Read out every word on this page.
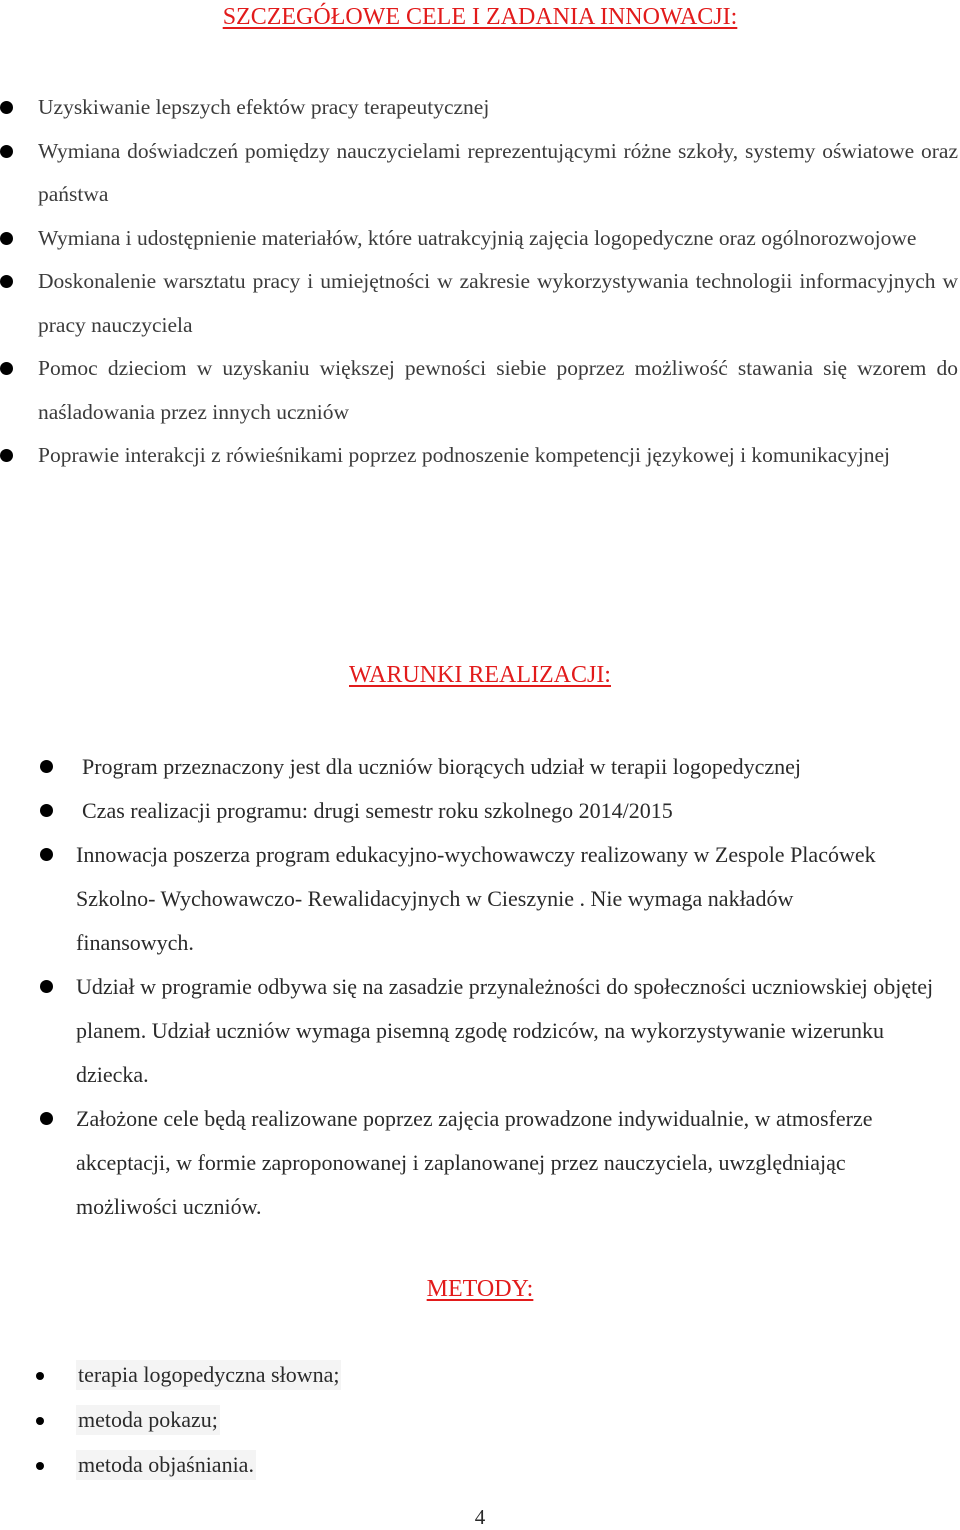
SZCZEGÓŁOWE CELE I ZADANIA INNOWACJI:
Uzyskiwanie lepszych efektów pracy terapeutycznej
Wymiana doświadczeń pomiędzy nauczycielami reprezentującymi różne szkoły, systemy oświatowe oraz państwa
Wymiana i udostępnienie materiałów, które uatrakcyjnią zajęcia logopedyczne oraz ogólnorozwojowe
Doskonalenie warsztatu pracy i umiejętności w zakresie wykorzystywania technologii informacyjnych w pracy nauczyciela
Pomoc dzieciom w uzyskaniu większej pewności siebie poprzez możliwość stawania się wzorem do naśladowania przez innych uczniów
Poprawie interakcji z rówieśnikami poprzez podnoszenie kompetencji językowej i komunikacyjnej
WARUNKI REALIZACJI:
Program przeznaczony jest dla uczniów biorących udział w terapii logopedycznej
Czas realizacji programu: drugi semestr roku szkolnego 2014/2015
Innowacja poszerza program edukacyjno-wychowawczy realizowany w Zespole Placówek Szkolno- Wychowawczo- Rewalidacyjnych w Cieszynie . Nie wymaga nakładów finansowych.
Udział w programie odbywa się na zasadzie przynależności do społeczności uczniowskiej objętej planem. Udział uczniów wymaga pisemną zgodę rodziców, na wykorzystywanie wizerunku dziecka.
Założone cele będą realizowane poprzez zajęcia prowadzone indywidualnie, w atmosferze akceptacji, w formie zaproponowanej i zaplanowanej przez nauczyciela, uwzględniając możliwości uczniów.
METODY:
terapia logopedyczna słowna;
metoda pokazu;
metoda objaśniania.
4
